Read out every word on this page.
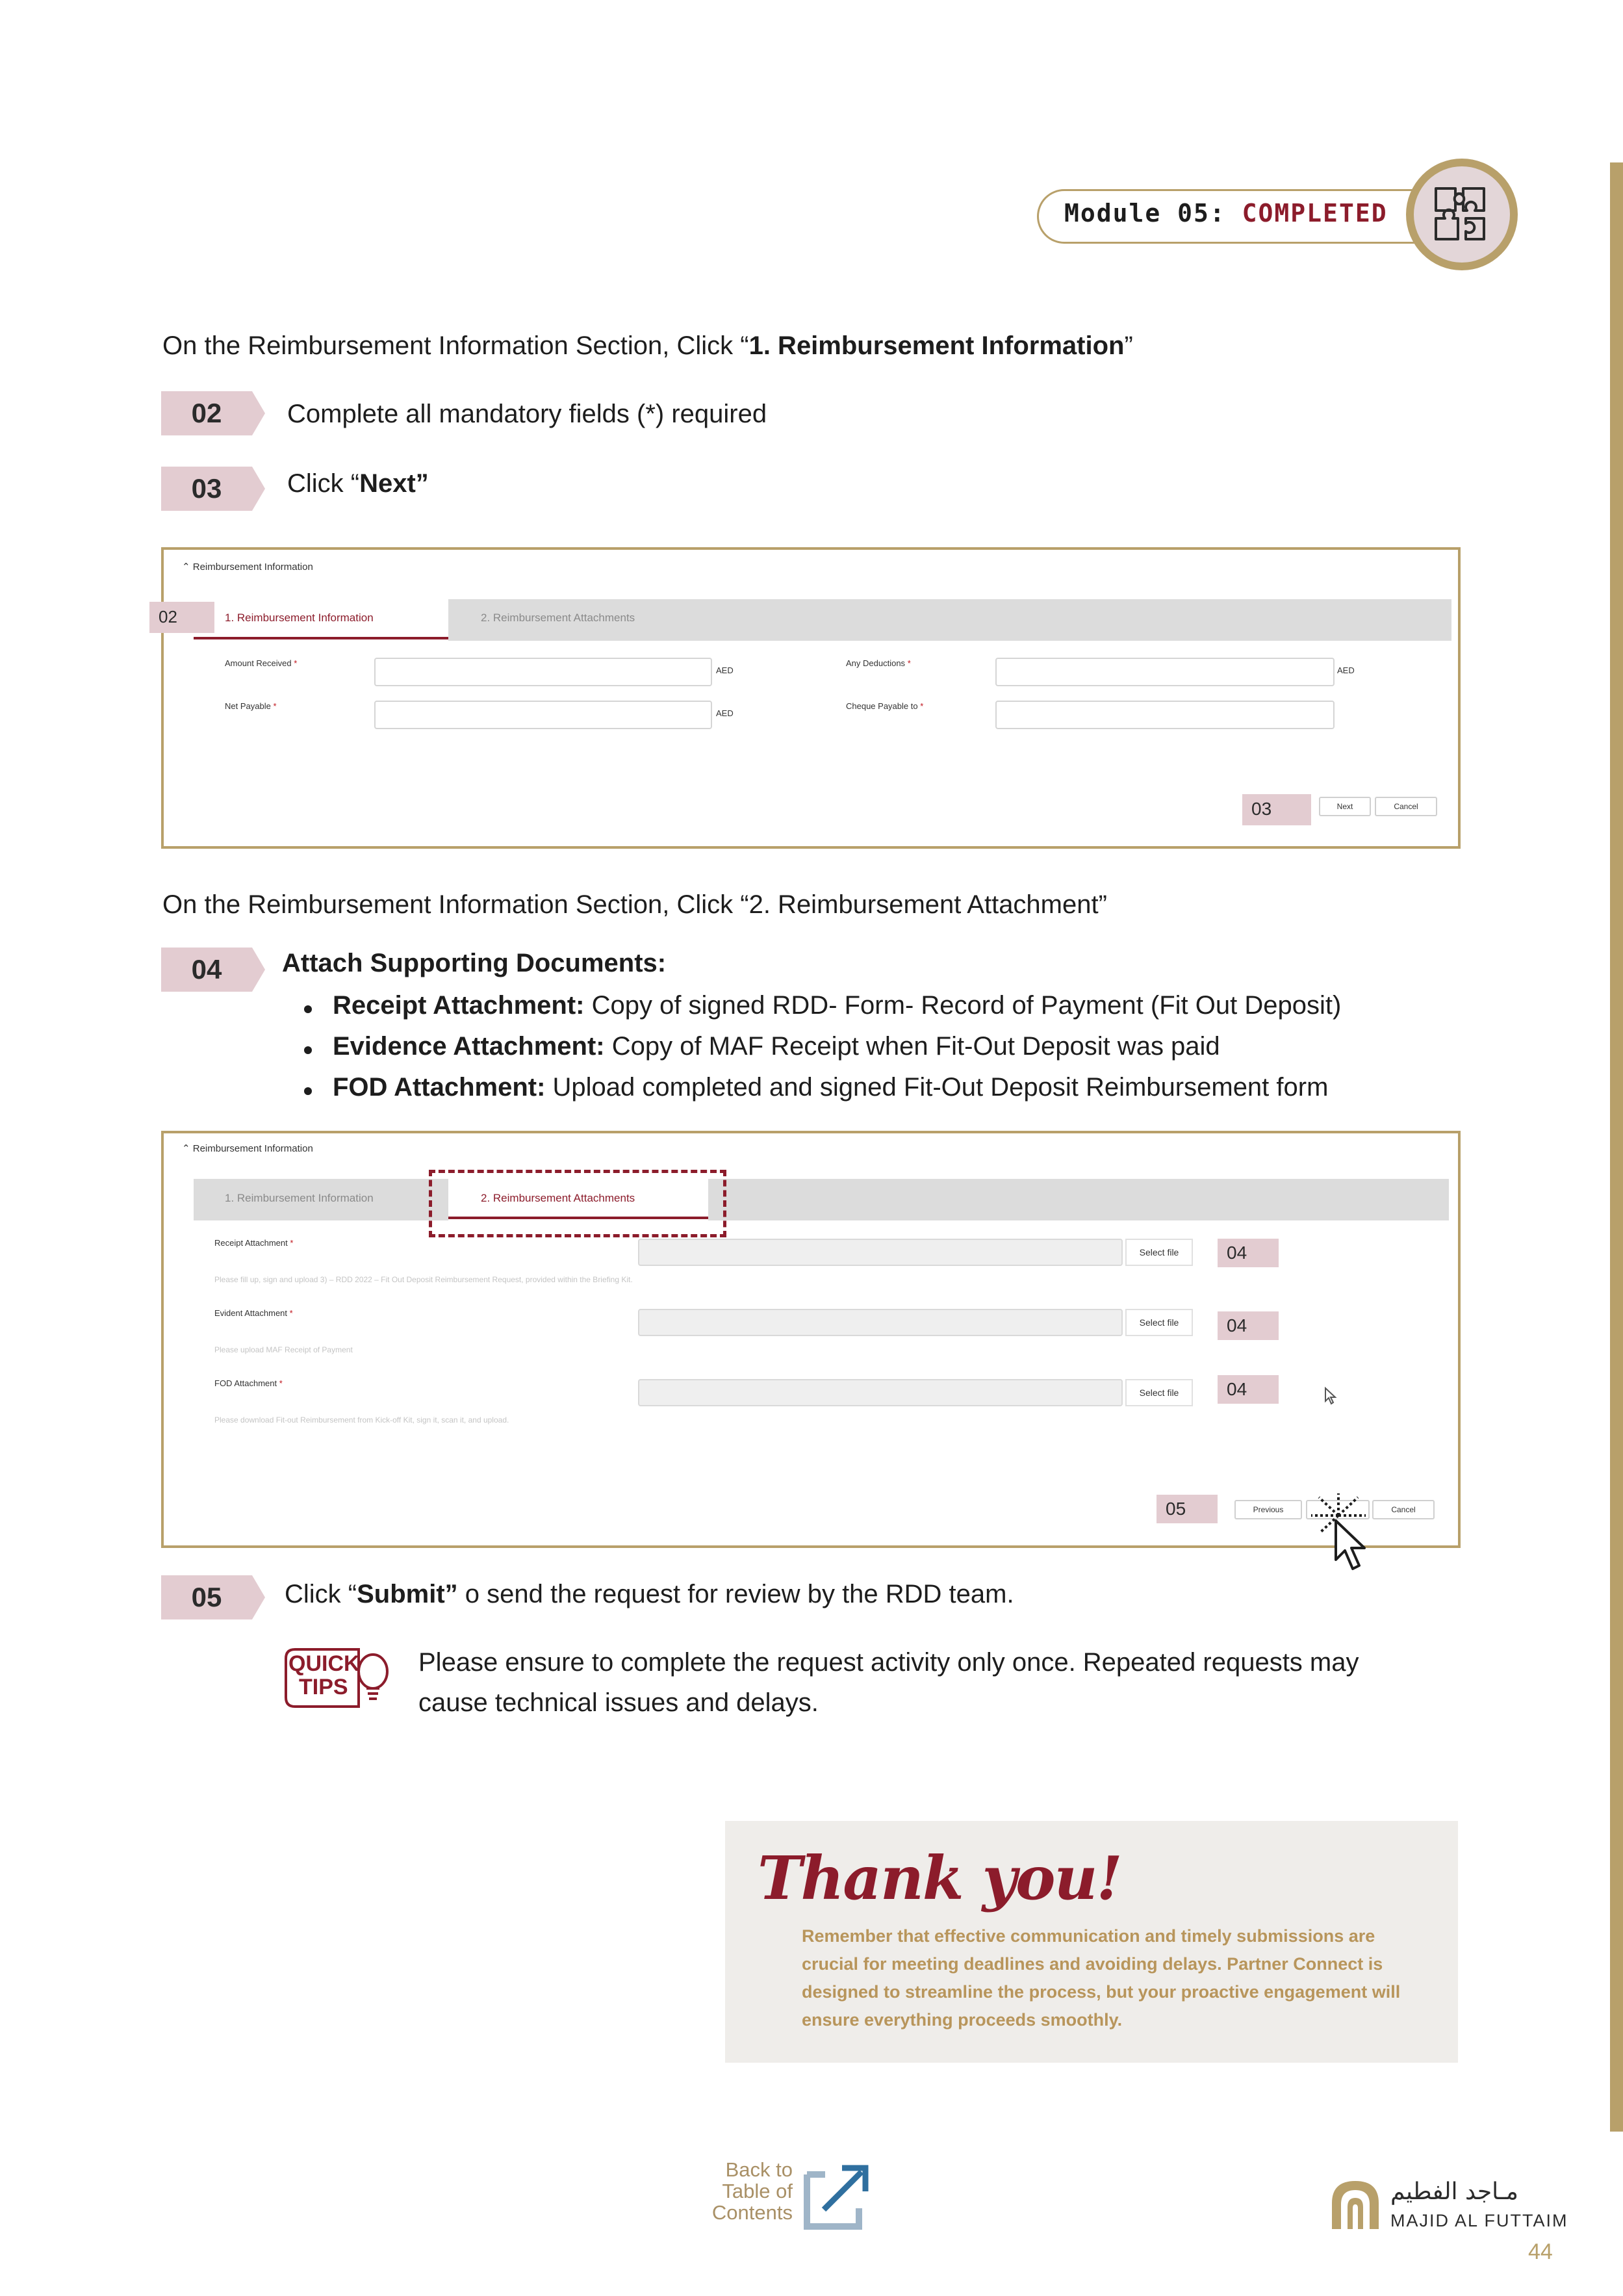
Module 05: COMPLETED
On the Reimbursement Information Section, Click “1. Reimbursement Information”
02	Complete all mandatory fields (*) required
03	Click “Next”
⌃ Reimbursement Information
1. Reimbursement Information	2. Reimbursement Attachments
02
Amount Received *
AED
Any Deductions *
AED
Net Payable *
AED
Cheque Payable to *
03	Next	Cancel
On the Reimbursement Information Section, Click “2. Reimbursement Attachment”
04	Attach Supporting Documents:
Receipt Attachment: Copy of signed RDD- Form- Record of Payment (Fit Out Deposit)
Evidence Attachment: Copy of MAF Receipt when Fit-Out Deposit was paid
FOD Attachment: Upload completed and signed Fit-Out Deposit Reimbursement form
⌃ Reimbursement Information
1. Reimbursement Information	2. Reimbursement Attachments
Receipt Attachment *
Please fill up, sign and upload 3) – RDD 2022 – Fit Out Deposit Reimbursement Request, provided within the Briefing Kit.
Select file	04
Evident Attachment *
Please upload MAF Receipt of Payment
Select file	04
FOD Attachment *
Please download Fit-out Reimbursement from Kick-off Kit, sign it, scan it, and upload.
Select file	04
05	Previous	Cancel
05	Click “Submit” o send the request for review by the RDD team.
QUICK
TIPS
Please ensure to complete the request activity only once. Repeated requests may
cause technical issues and delays.
Thank you!
Remember that effective communication and timely submissions are crucial for meeting deadlines and avoiding delays. Partner Connect is designed to streamline the process, but your proactive engagement will ensure everything proceeds smoothly.
Back to
Table of
Contents
مـاجد الفطيم
MAJID AL FUTTAIM
44
